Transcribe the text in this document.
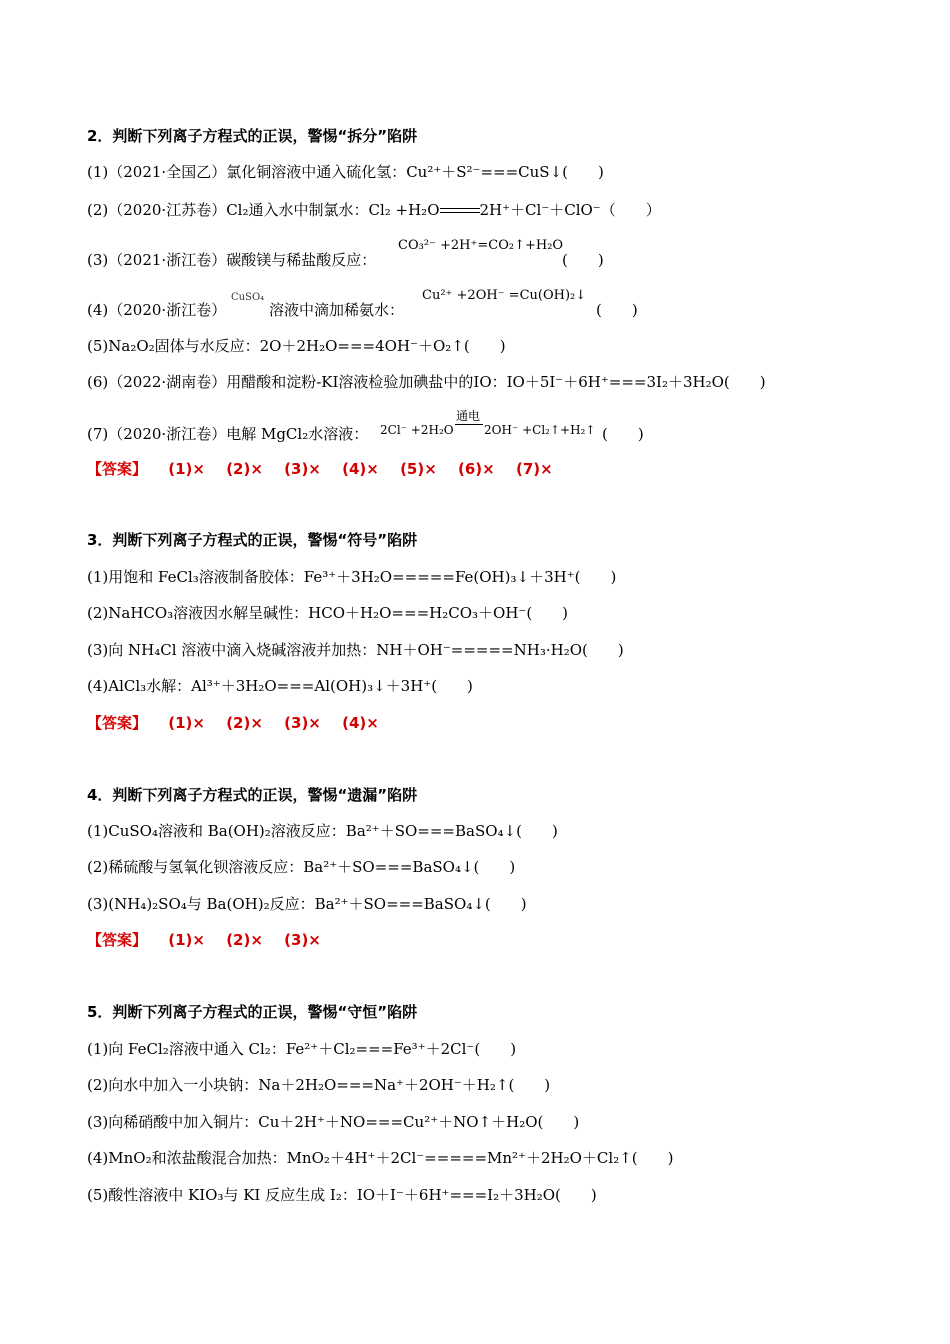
2．判断下列离子方程式的正误，警惕“拆分”陷阱
(1)（2021·全国乙）氯化铜溶液中通入硫化氢：Cu²⁺＋S²⁻===CuS↓(　　)
(2)（2020·江苏卷）Cl₂通入水中制氯水：Cl₂ +H₂O	2H⁺＋Cl⁻＋ClO⁻（　　）
(3)（2021·浙江卷）碳酸镁与稀盐酸反应：
CO₃²⁻ +2H⁺=CO₂↑+H₂O
(　　)
(4)（2020·浙江卷）
CuSO₄
溶液中滴加稀氨水：
Cu²⁺ +2OH⁻ =Cu(OH)₂↓
(　　)
(5)Na₂O₂固体与水反应：2O＋2H₂O===4OH⁻＋O₂↑(　　)
(6)（2022·湖南卷）用醋酸和淀粉-KI溶液检验加碘盐中的IO：IO＋5I⁻＋6H⁺===3I₂＋3H₂O(　　)
(7)（2020·浙江卷）电解 MgCl₂水溶液： 2Cl⁻ +2H₂O
通电
2OH⁻ +Cl₂↑+H₂↑ (　　)
【答案】 (1)× (2)× (3)× (4)× (5)× (6)× (7)×
3．判断下列离子方程式的正误，警惕“符号”陷阱
(1)用饱和 FeCl₃溶液制备胶体：Fe³⁺＋3H₂O=====Fe(OH)₃↓＋3H⁺(　　)
(2)NaHCO₃溶液因水解呈碱性：HCO＋H₂O===H₂CO₃＋OH⁻(　　)
(3)向 NH₄Cl 溶液中滴入烧碱溶液并加热：NH＋OH⁻=====NH₃·H₂O(　　)
(4)AlCl₃水解：Al³⁺＋3H₂O===Al(OH)₃↓＋3H⁺(　　)
【答案】 (1)× (2)× (3)× (4)×
4．判断下列离子方程式的正误，警惕“遗漏”陷阱
(1)CuSO₄溶液和 Ba(OH)₂溶液反应：Ba²⁺＋SO===BaSO₄↓(　　)
(2)稀硫酸与氢氧化钡溶液反应：Ba²⁺＋SO===BaSO₄↓(　　)
(3)(NH₄)₂SO₄与 Ba(OH)₂反应：Ba²⁺＋SO===BaSO₄↓(　　)
【答案】 (1)× (2)× (3)×
5．判断下列离子方程式的正误，警惕“守恒”陷阱
(1)向 FeCl₂溶液中通入 Cl₂：Fe²⁺＋Cl₂===Fe³⁺＋2Cl⁻(　　)
(2)向水中加入一小块钠：Na＋2H₂O===Na⁺＋2OH⁻＋H₂↑(　　)
(3)向稀硝酸中加入铜片：Cu＋2H⁺＋NO===Cu²⁺＋NO↑＋H₂O(　　)
(4)MnO₂和浓盐酸混合加热：MnO₂＋4H⁺＋2Cl⁻=====Mn²⁺＋2H₂O＋Cl₂↑(　　)
(5)酸性溶液中 KIO₃与 KI 反应生成 I₂：IO＋I⁻＋6H⁺===I₂＋3H₂O(　　)
